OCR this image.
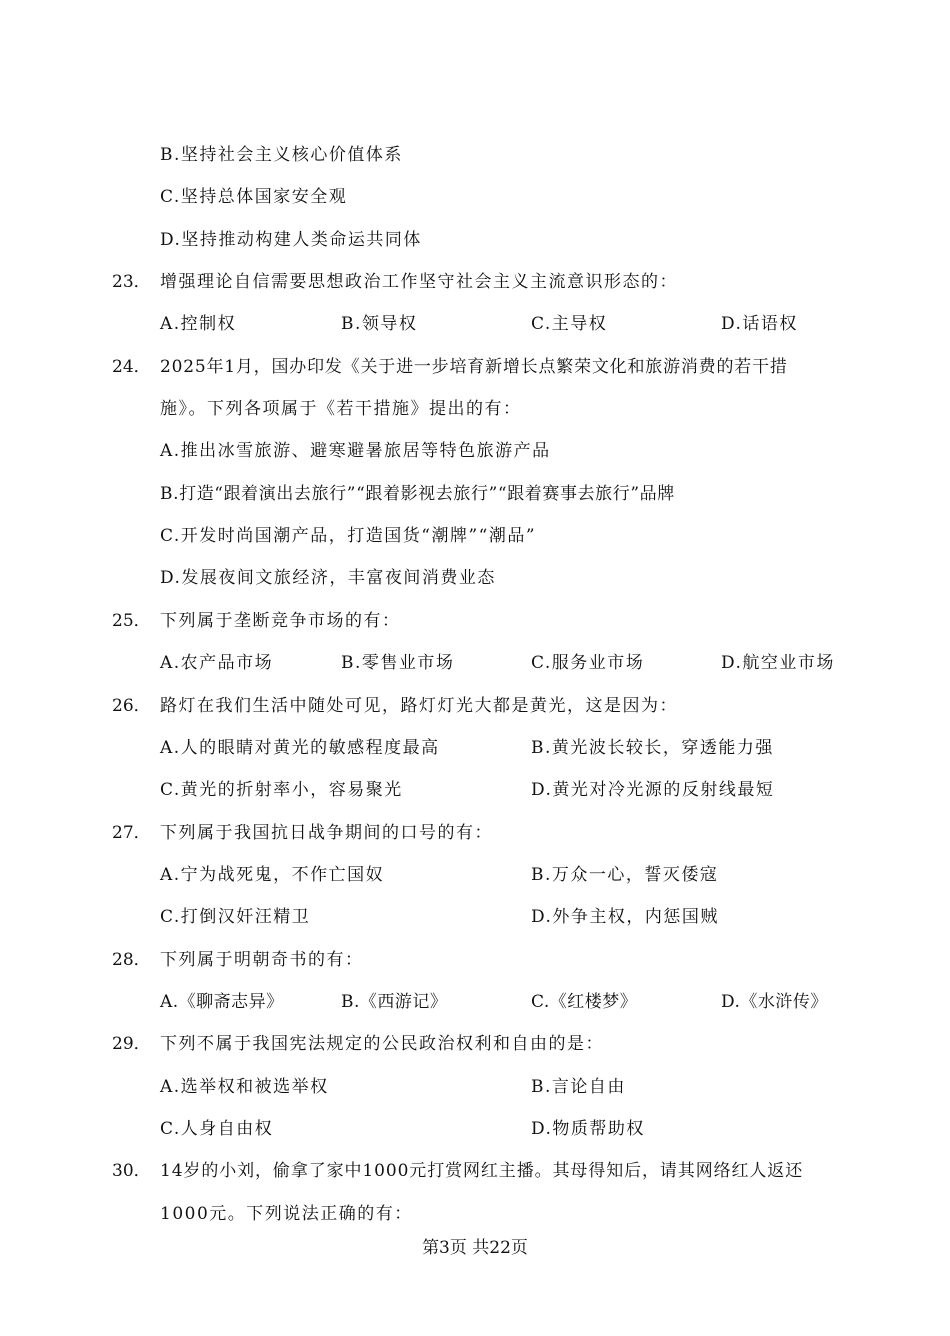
B.坚持社会主义核心价值体系
C.坚持总体国家安全观
D.坚持推动构建人类命运共同体
23． 增强理论自信需要思想政治工作坚守社会主义主流意识形态的：
A.控制权	B.领导权	C.主导权	D.话语权
24． 2025年1月，国办印发《关于进一步培育新增长点繁荣文化和旅游消费的若干措
施》。下列各项属于《若干措施》提出的有：
A.推出冰雪旅游、避寒避暑旅居等特色旅游产品
B.打造“跟着演出去旅行”“跟着影视去旅行”“跟着赛事去旅行”品牌
C.开发时尚国潮产品，打造国货“潮牌”“潮品”
D.发展夜间文旅经济，丰富夜间消费业态
25． 下列属于垄断竞争市场的有：
A.农产品市场	B.零售业市场	C.服务业市场	D.航空业市场
26． 路灯在我们生活中随处可见，路灯灯光大都是黄光，这是因为：
A.人的眼睛对黄光的敏感程度最高	B.黄光波长较长，穿透能力强
C.黄光的折射率小，容易聚光	D.黄光对冷光源的反射线最短
27． 下列属于我国抗日战争期间的口号的有：
A.宁为战死鬼，不作亡国奴	B.万众一心，誓灭倭寇
C.打倒汉奸汪精卫	D.外争主权，内惩国贼
28． 下列属于明朝奇书的有：
A.《聊斋志异》	B.《西游记》	C.《红楼梦》	D.《水浒传》
29． 下列不属于我国宪法规定的公民政治权利和自由的是：
A.选举权和被选举权	B.言论自由
C.人身自由权	D.物质帮助权
30． 14岁的小刘，偷拿了家中1000元打赏网红主播。其母得知后，请其网络红人返还
1000元。下列说法正确的有：
第3页 共22页
